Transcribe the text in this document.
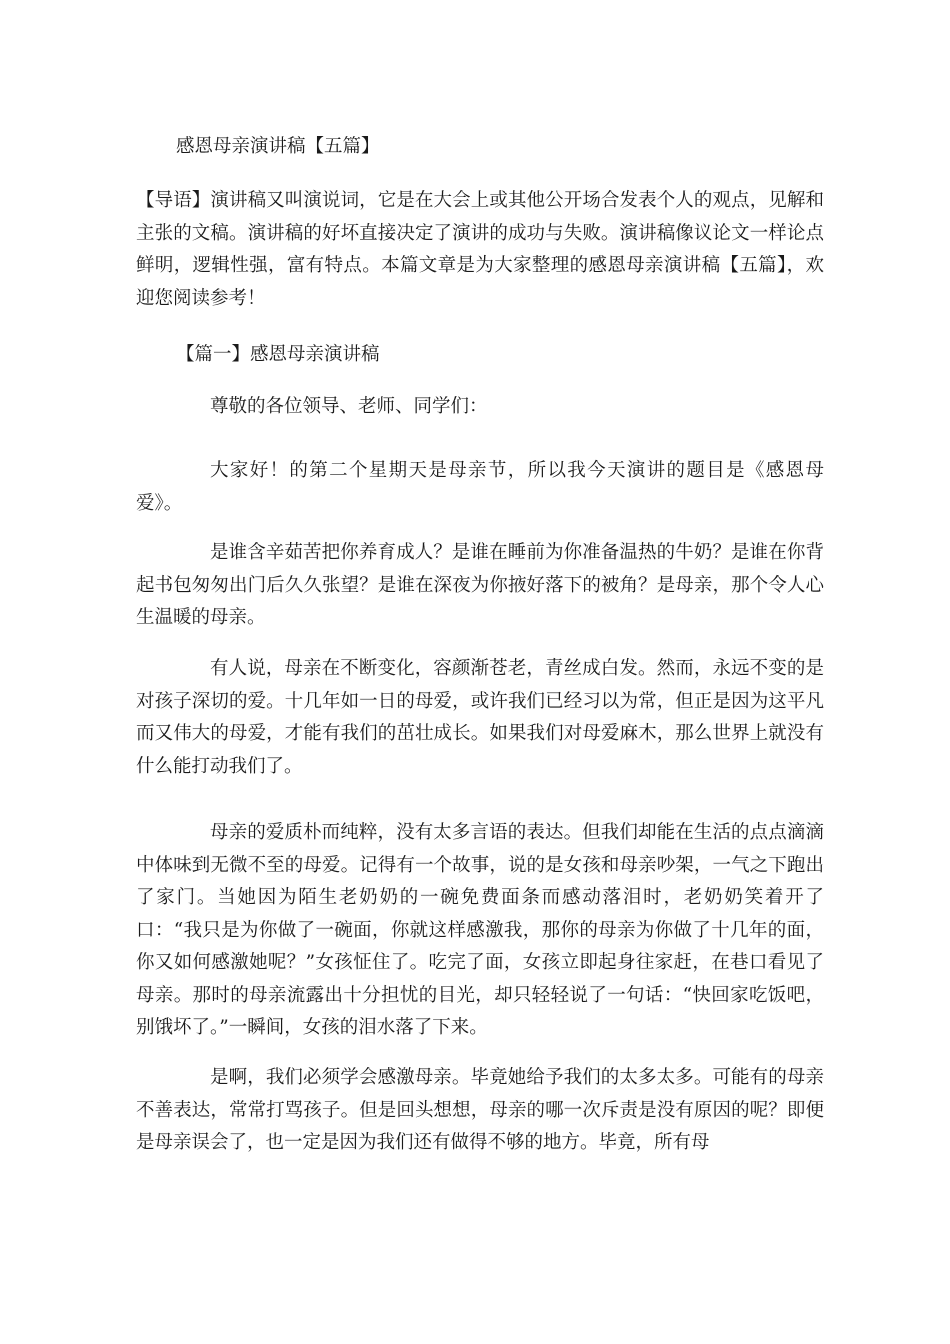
感恩母亲演讲稿【五篇】

【导语】演讲稿又叫演说词，它是在大会上或其他公开场合发表个人的观点，见解和主张的文稿。演讲稿的好坏直接决定了演讲的成功与失败。演讲稿像议论文一样论点鲜明，逻辑性强，富有特点。本篇文章是为大家整理的感恩母亲演讲稿【五篇】，欢迎您阅读参考！

【篇一】感恩母亲演讲稿

尊敬的各位领导、老师、同学们：

大家好！的第二个星期天是母亲节，所以我今天演讲的题目是《感恩母爱》。

是谁含辛茹苦把你养育成人？是谁在睡前为你准备温热的牛奶？是谁在你背起书包匆匆出门后久久张望？是谁在深夜为你掖好落下的被角？是母亲，那个令人心生温暖的母亲。

有人说，母亲在不断变化，容颜渐苍老，青丝成白发。然而，永远不变的是对孩子深切的爱。十几年如一日的母爱，或许我们已经习以为常，但正是因为这平凡而又伟大的母爱，才能有我们的茁壮成长。如果我们对母爱麻木，那么世界上就没有什么能打动我们了。

母亲的爱质朴而纯粹，没有太多言语的表达。但我们却能在生活的点点滴滴中体味到无微不至的母爱。记得有一个故事，说的是女孩和母亲吵架，一气之下跑出了家门。当她因为陌生老奶奶的一碗免费面条而感动落泪时，老奶奶笑着开了口：“我只是为你做了一碗面，你就这样感激我，那你的母亲为你做了十几年的面，你又如何感激她呢？”女孩怔住了。吃完了面，女孩立即起身往家赶，在巷口看见了母亲。那时的母亲流露出十分担忧的目光，却只轻轻说了一句话：“快回家吃饭吧，别饿坏了。”一瞬间，女孩的泪水落了下来。

是啊，我们必须学会感激母亲。毕竟她给予我们的太多太多。可能有的母亲不善表达，常常打骂孩子。但是回头想想，母亲的哪一次斥责是没有原因的呢？即便是母亲误会了，也一定是因为我们还有做得不够的地方。毕竟，所有母
